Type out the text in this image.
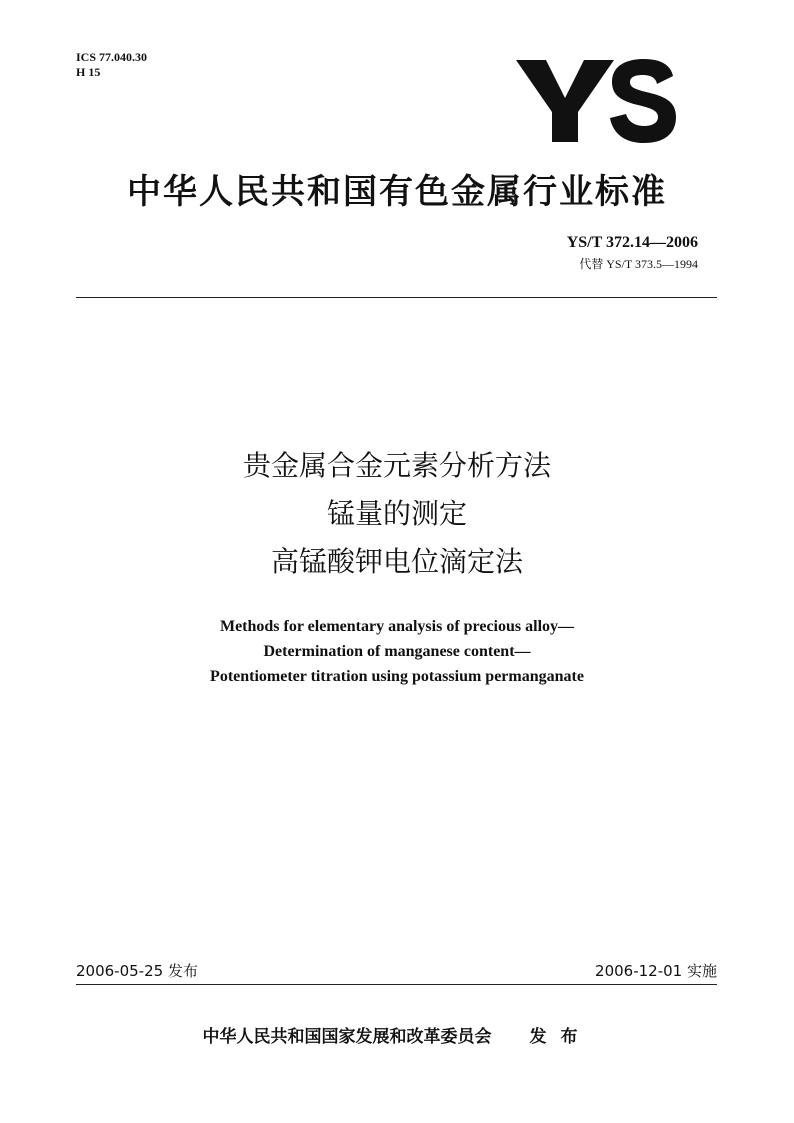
ICS 77.040.30
H 15
中华人民共和国有色金属行业标准
YS/T 372.14—2006
代替 YS/T 373.5—1994
贵金属合金元素分析方法
锰量的测定
高锰酸钾电位滴定法
Methods for elementary analysis of precious alloy—
Determination of manganese content—
Potentiometer titration using potassium permanganate
2006-05-25 发布	2006-12-01 实施
中华人民共和国国家发展和改革委员会 发布
